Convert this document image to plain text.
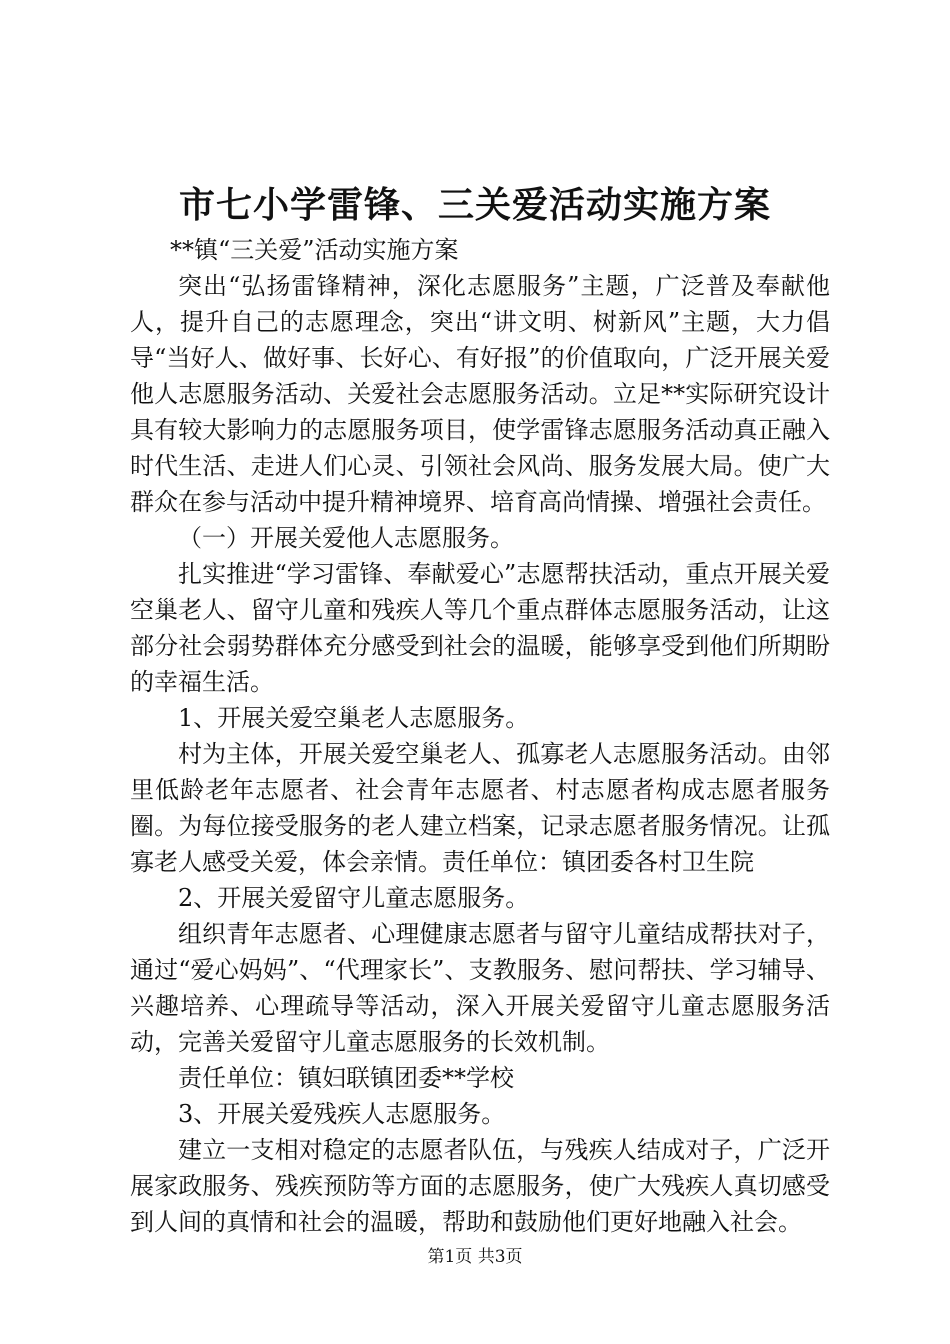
市七小学雷锋、三关爱活动实施方案

**镇“三关爱”活动实施方案

突出“弘扬雷锋精神，深化志愿服务”主题，广泛普及奉献他人，提升自己的志愿理念，突出“讲文明、树新风”主题，大力倡导“当好人、做好事、长好心、有好报”的价值取向，广泛开展关爱他人志愿服务活动、关爱社会志愿服务活动。立足**实际研究设计具有较大影响力的志愿服务项目，使学雷锋志愿服务活动真正融入时代生活、走进人们心灵、引领社会风尚、服务发展大局。使广大群众在参与活动中提升精神境界、培育高尚情操、增强社会责任。

（一）开展关爱他人志愿服务。

扎实推进“学习雷锋、奉献爱心”志愿帮扶活动，重点开展关爱空巢老人、留守儿童和残疾人等几个重点群体志愿服务活动，让这部分社会弱势群体充分感受到社会的温暖，能够享受到他们所期盼的幸福生活。

1、开展关爱空巢老人志愿服务。

村为主体，开展关爱空巢老人、孤寡老人志愿服务活动。由邻里低龄老年志愿者、社会青年志愿者、村志愿者构成志愿者服务圈。为每位接受服务的老人建立档案，记录志愿者服务情况。让孤寡老人感受关爱，体会亲情。责任单位：镇团委各村卫生院

2、开展关爱留守儿童志愿服务。

组织青年志愿者、心理健康志愿者与留守儿童结成帮扶对子，通过“爱心妈妈”、“代理家长”、支教服务、慰问帮扶、学习辅导、兴趣培养、心理疏导等活动，深入开展关爱留守儿童志愿服务活动，完善关爱留守儿童志愿服务的长效机制。

责任单位：镇妇联镇团委**学校

3、开展关爱残疾人志愿服务。

建立一支相对稳定的志愿者队伍，与残疾人结成对子，广泛开展家政服务、残疾预防等方面的志愿服务，使广大残疾人真切感受到人间的真情和社会的温暖，帮助和鼓励他们更好地融入社会。

第1页 共3页
